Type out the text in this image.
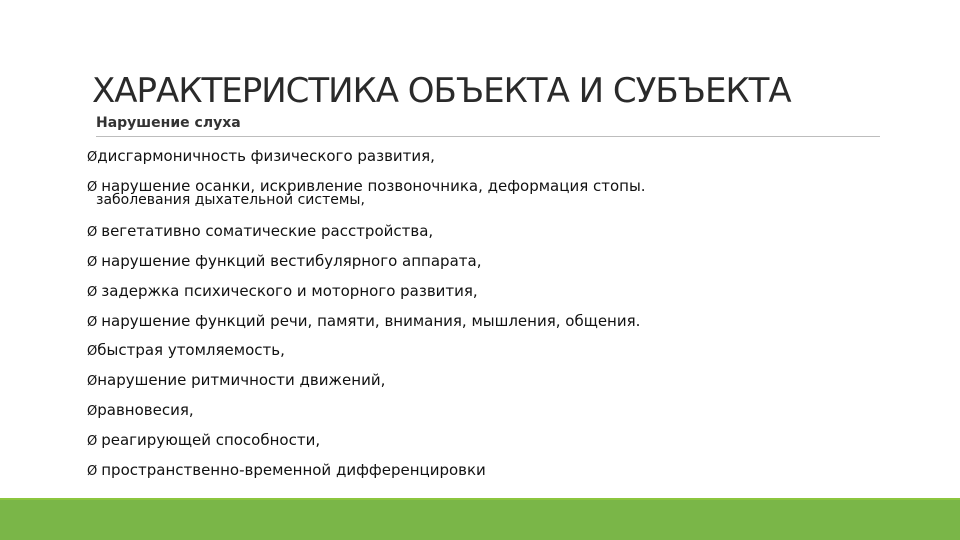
ХАРАКТЕРИСТИКА ОБЪЕКТА И СУБЪЕКТА
Нарушение слуха
Øдисгармоничность физического развития,
Ø нарушение осанки, искривление позвоночника, деформация стопы.
заболевания дыхательной системы,
Ø вегетативно соматические расстройства,
Ø нарушение функций вестибулярного аппарата,
Ø задержка психического и моторного развития,
Ø нарушение функций речи, памяти, внимания, мышления, общения.
Øбыстрая утомляемость,
Øнарушение ритмичности движений,
Øравновесия,
Ø реагирующей способности,
Ø пространственно-временной дифференцировки
